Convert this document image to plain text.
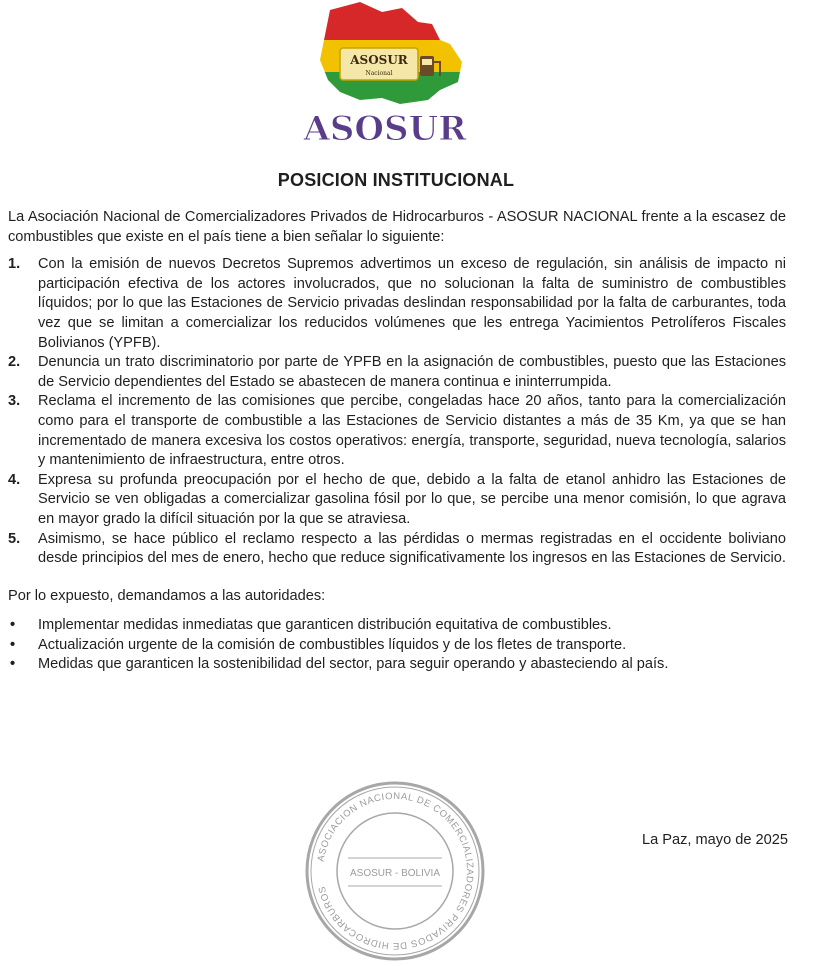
ASOSUR
Nacional
ASOSUR
POSICION INSTITUCIONAL

La Asociación Nacional de Comercializadores Privados de Hidrocarburos - ASOSUR NACIONAL frente a la escasez de combustibles que existe en el país tiene a bien señalar lo siguiente:

1. Con la emisión de nuevos Decretos Supremos advertimos un exceso de regulación, sin análisis de impacto ni participación efectiva de los actores involucrados, que no solucionan la falta de suministro de combustibles líquidos; por lo que las Estaciones de Servicio privadas deslindan responsabilidad por la falta de carburantes, toda vez que se limitan a comercializar los reducidos volúmenes que les entrega Yacimientos Petrolíferos Fiscales Bolivianos (YPFB).
2. Denuncia un trato discriminatorio por parte de YPFB en la asignación de combustibles, puesto que las Estaciones de Servicio dependientes del Estado se abastecen de manera continua e ininterrumpida.
3. Reclama el incremento de las comisiones que percibe, congeladas hace 20 años, tanto para la comercialización como para el transporte de combustible a las Estaciones de Servicio distantes a más de 35 Km, ya que se han incrementado de manera excesiva los costos operativos: energía, transporte, seguridad, nueva tecnología, salarios y mantenimiento de infraestructura, entre otros.
4. Expresa su profunda preocupación por el hecho de que, debido a la falta de etanol anhidro las Estaciones de Servicio se ven obligadas a comercializar gasolina fósil por lo que, se percibe una menor comisión, lo que agrava en mayor grado la difícil situación por la que se atraviesa.
5. Asimismo, se hace público el reclamo respecto a las pérdidas o mermas registradas en el occidente boliviano desde principios del mes de enero, hecho que reduce significativamente los ingresos en las Estaciones de Servicio.

Por lo expuesto, demandamos a las autoridades:

• Implementar medidas inmediatas que garanticen distribución equitativa de combustibles.
• Actualización urgente de la comisión de combustibles líquidos y de los fletes de transporte.
• Medidas que garanticen la sostenibilidad del sector, para seguir operando y abasteciendo al país.
La Paz, mayo de 2025
ASOCIACION NACIONAL DE COMERCIALIZADORES PRIVADOS DE HIDROCARBUROS
ASOSUR - BOLIVIA
